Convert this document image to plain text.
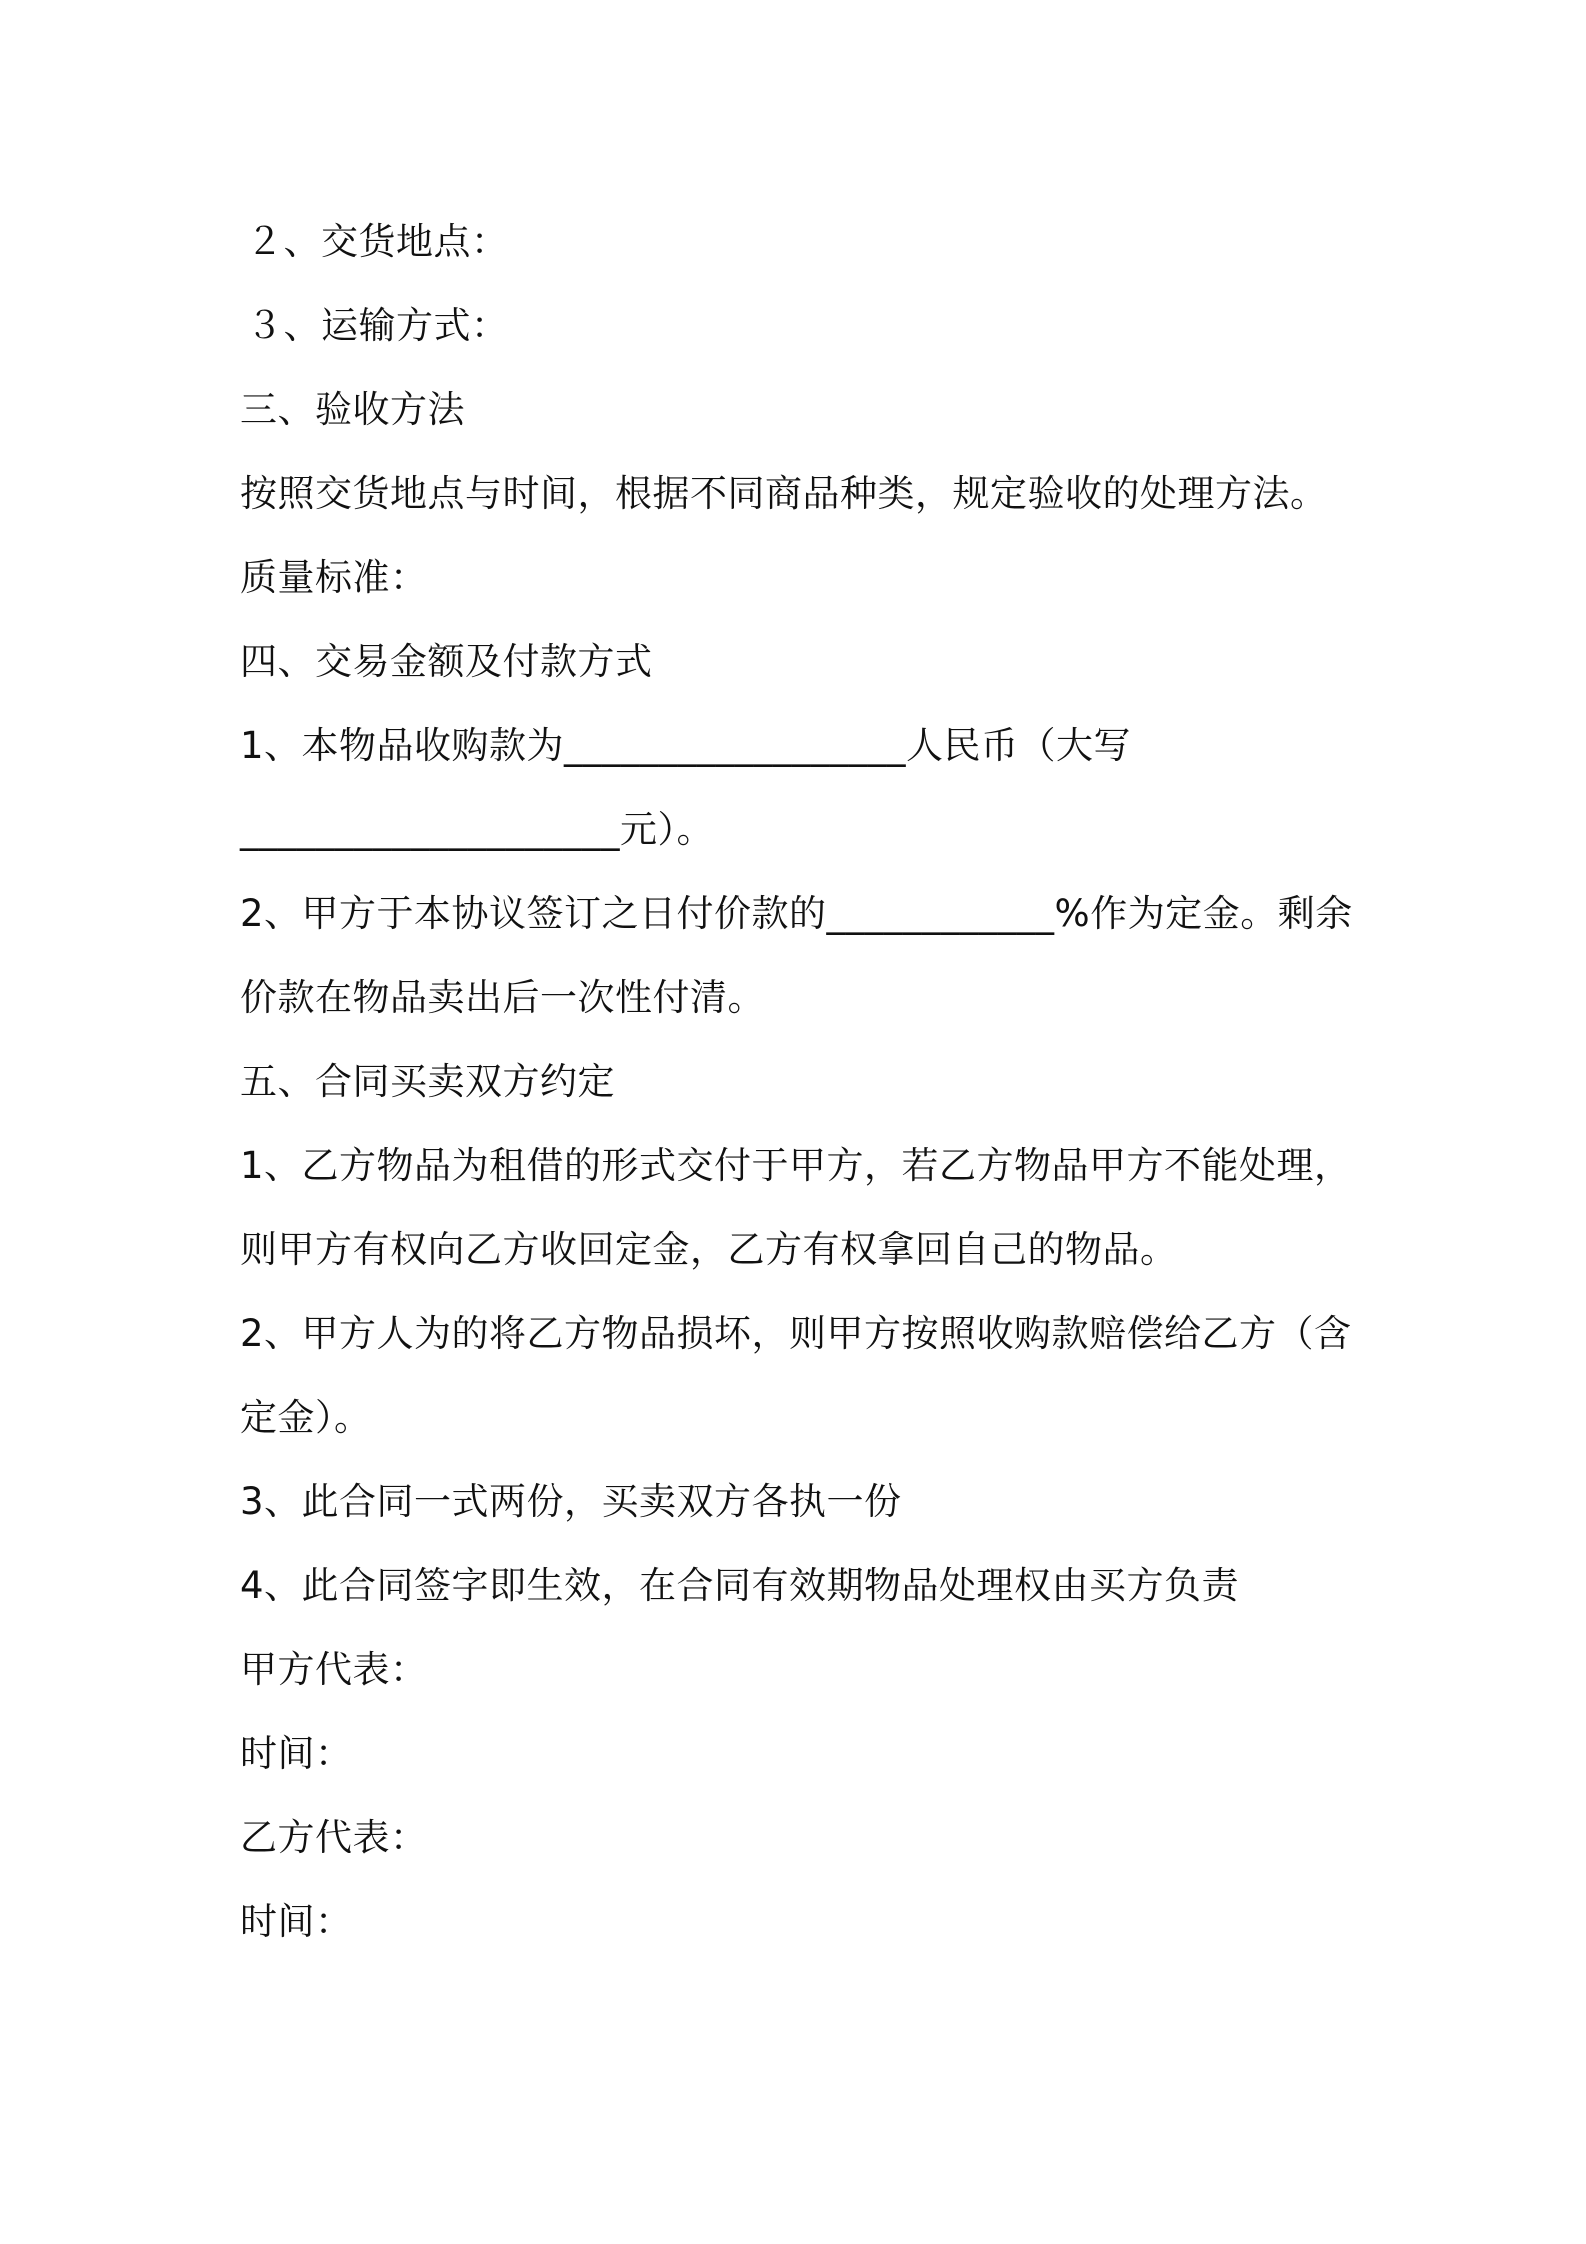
２、交货地点：
３、运输方式：
三、验收方法
按照交货地点与时间，根据不同商品种类，规定验收的处理方法。
质量标准：
四、交易金额及付款方式
1、本物品收购款为__________________人民币（大写
____________________元）。
2、甲方于本协议签订之日付价款的____________%作为定金。剩余
价款在物品卖出后一次性付清。
五、合同买卖双方约定
1、乙方物品为租借的形式交付于甲方，若乙方物品甲方不能处理，
则甲方有权向乙方收回定金，乙方有权拿回自己的物品。
2、甲方人为的将乙方物品损坏，则甲方按照收购款赔偿给乙方（含
定金）。
3、此合同一式两份，买卖双方各执一份
4、此合同签字即生效，在合同有效期物品处理权由买方负责
甲方代表：
时间：
乙方代表：
时间：
